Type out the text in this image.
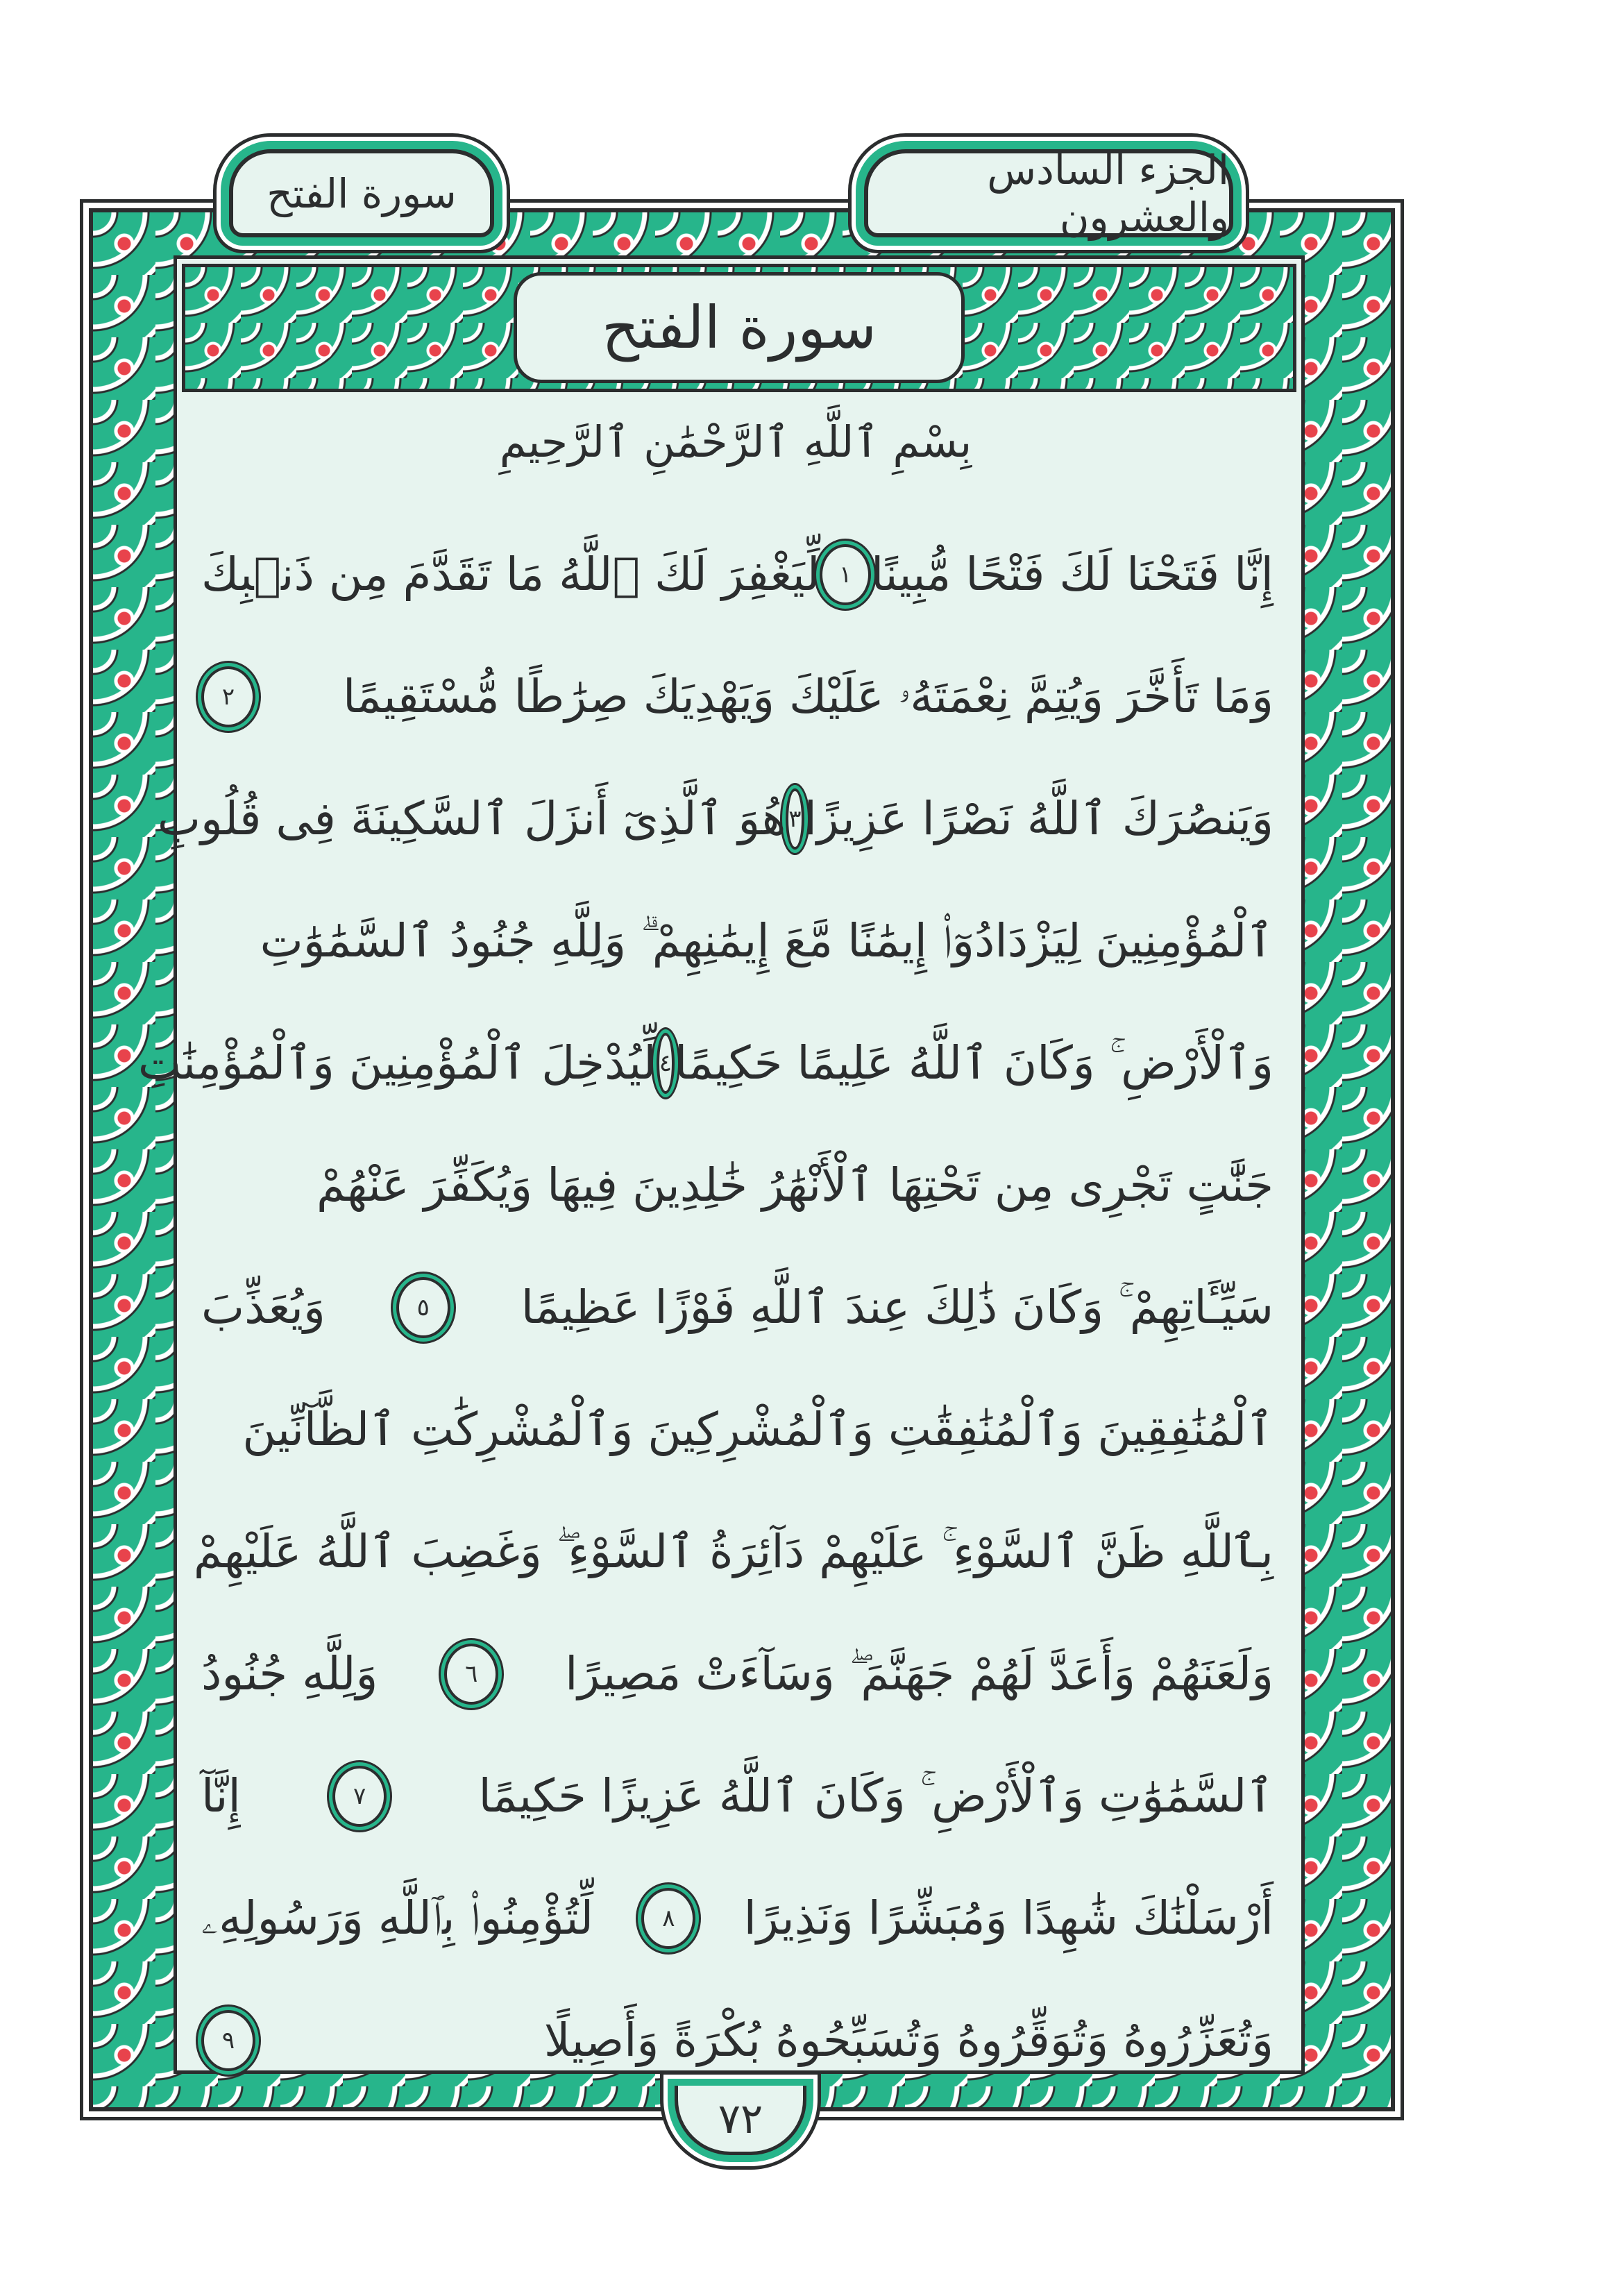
سورة الفتح	الجزء السادس والعشرون
سورة الفتح
بِسْمِ ٱللَّهِ ٱلرَّحْمَٰنِ ٱلرَّحِيمِ
إِنَّا فَتَحْنَا لَكَ فَتْحًا مُّبِينًا
١
لِّيَغْفِرَ لَكَ ٱللَّهُ مَا تَقَدَّمَ مِن ذَنۢبِكَ
وَمَا تَأَخَّرَ وَيُتِمَّ نِعْمَتَهُۥ عَلَيْكَ وَيَهْدِيَكَ صِرَٰطًا مُّسْتَقِيمًا
٢
وَيَنصُرَكَ ٱللَّهُ نَصْرًا عَزِيزًا
٣
هُوَ ٱلَّذِىٓ أَنزَلَ ٱلسَّكِينَةَ فِى قُلُوبِ
ٱلْمُؤْمِنِينَ لِيَزْدَادُوٓا۟ إِيمَٰنًا مَّعَ إِيمَٰنِهِمْ ۗ وَلِلَّهِ جُنُودُ ٱلسَّمَٰوَٰتِ
وَٱلْأَرْضِ ۚ وَكَانَ ٱللَّهُ عَلِيمًا حَكِيمًا
٤
لِّيُدْخِلَ ٱلْمُؤْمِنِينَ وَٱلْمُؤْمِنَٰتِ
جَنَّٰتٍ تَجْرِى مِن تَحْتِهَا ٱلْأَنْهَٰرُ خَٰلِدِينَ فِيهَا وَيُكَفِّرَ عَنْهُمْ
سَيِّـَٔاتِهِمْ ۚ وَكَانَ ذَٰلِكَ عِندَ ٱللَّهِ فَوْزًا عَظِيمًا
٥
وَيُعَذِّبَ
ٱلْمُنَٰفِقِينَ وَٱلْمُنَٰفِقَٰتِ وَٱلْمُشْرِكِينَ وَٱلْمُشْرِكَٰتِ ٱلظَّآنِّينَ
بِٱللَّهِ ظَنَّ ٱلسَّوْءِ ۚ عَلَيْهِمْ دَآئِرَةُ ٱلسَّوْءِ ۖ وَغَضِبَ ٱللَّهُ عَلَيْهِمْ
وَلَعَنَهُمْ وَأَعَدَّ لَهُمْ جَهَنَّمَ ۖ وَسَآءَتْ مَصِيرًا
٦
وَلِلَّهِ جُنُودُ
ٱلسَّمَٰوَٰتِ وَٱلْأَرْضِ ۚ وَكَانَ ٱللَّهُ عَزِيزًا حَكِيمًا
٧
إِنَّآ
أَرْسَلْنَٰكَ شَٰهِدًا وَمُبَشِّرًا وَنَذِيرًا
٨
لِّتُؤْمِنُوا۟ بِٱللَّهِ وَرَسُولِهِۦ
وَتُعَزِّرُوهُ وَتُوَقِّرُوهُ وَتُسَبِّحُوهُ بُكْرَةً وَأَصِيلًا
٩
٧٢
